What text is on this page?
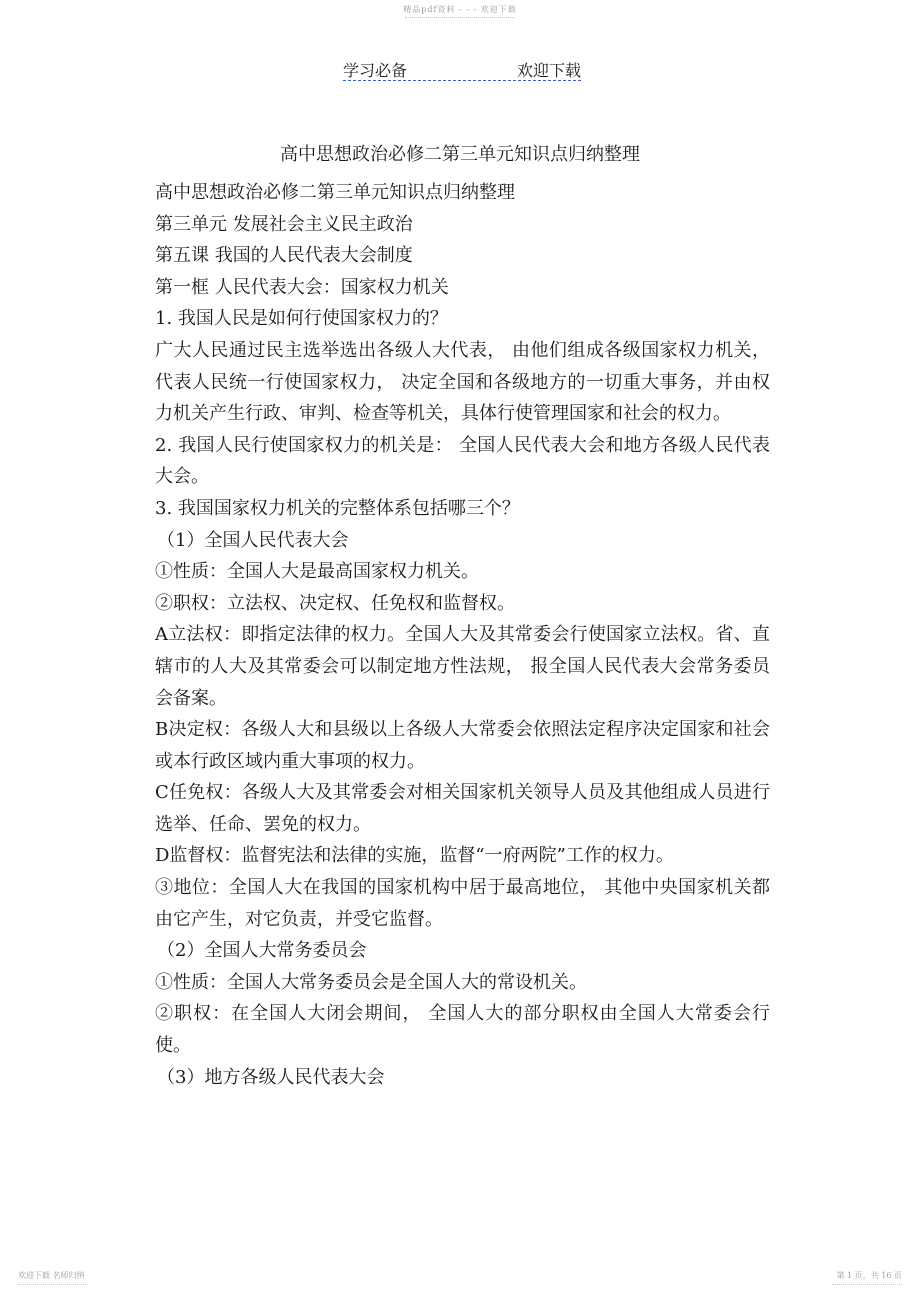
精品pdf资料 - - - 欢迎下载
学习必备	欢迎下载
高中思想政治必修二第三单元知识点归纳整理

高中思想政治必修二第三单元知识点归纳整理

第三单元 发展社会主义民主政治

第五课 我国的人民代表大会制度

第一框 人民代表大会：国家权力机关

1. 我国人民是如何行使国家权力的？

广大人民通过民主选举选出各级人大代表， 由他们组成各级国家权力机关，代表人民统一行使国家权力， 决定全国和各级地方的一切重大事务，并由权力机关产生行政、审判、检查等机关，具体行使管理国家和社会的权力。

2. 我国人民行使国家权力的机关是： 全国人民代表大会和地方各级人民代表大会。

3. 我国国家权力机关的完整体系包括哪三个？

（1）全国人民代表大会

①性质：全国人大是最高国家权力机关。

②职权：立法权、决定权、任免权和监督权。

A立法权：即指定法律的权力。全国人大及其常委会行使国家立法权。省、直辖市的人大及其常委会可以制定地方性法规， 报全国人民代表大会常务委员会备案。

B决定权：各级人大和县级以上各级人大常委会依照法定程序决定国家和社会或本行政区域内重大事项的权力。

C任免权：各级人大及其常委会对相关国家机关领导人员及其他组成人员进行选举、任命、罢免的权力。

D监督权：监督宪法和法律的实施，监督“一府两院”工作的权力。

③地位：全国人大在我国的国家机构中居于最高地位， 其他中央国家机关都由它产生，对它负责，并受它监督。

（2）全国人大常务委员会

①性质：全国人大常务委员会是全国人大的常设机关。

②职权：在全国人大闭会期间， 全国人大的部分职权由全国人大常委会行使。

（3）地方各级人民代表大会

欢迎下载 名师归纳	第 1 页，共 16 页
